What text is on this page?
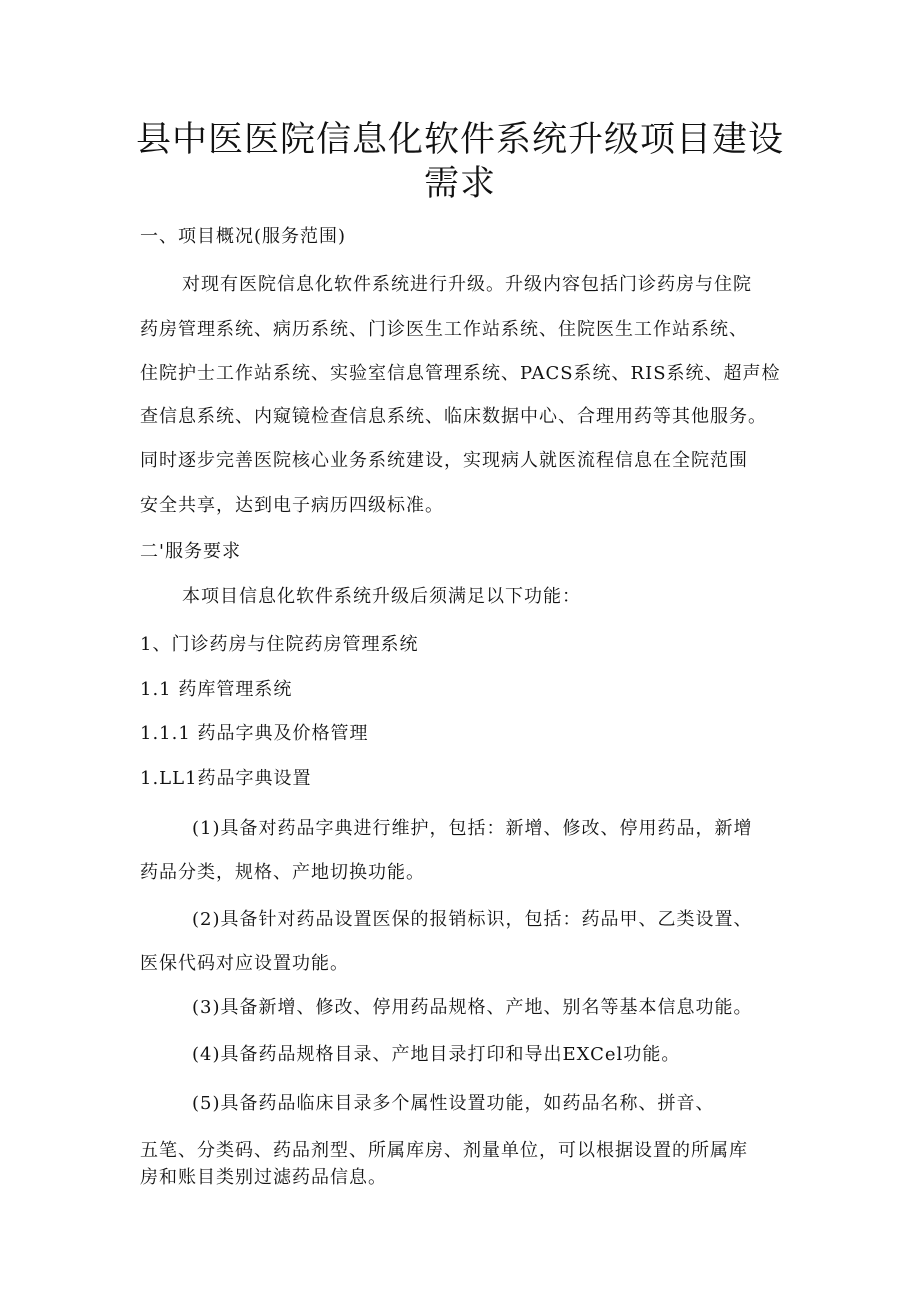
县中医医院信息化软件系统升级项目建设
需求

一、项目概况(服务范围)

对现有医院信息化软件系统进行升级。升级内容包括门诊药房与住院

药房管理系统、病历系统、门诊医生工作站系统、住院医生工作站系统、

住院护士工作站系统、实验室信息管理系统、PACS系统、RIS系统、超声检

查信息系统、内窥镜检查信息系统、临床数据中心、合理用药等其他服务。

同时逐步完善医院核心业务系统建设，实现病人就医流程信息在全院范围

安全共享，达到电子病历四级标准。

二'服务要求

本项目信息化软件系统升级后须满足以下功能：

1、门诊药房与住院药房管理系统

1.1 药库管理系统

1.1.1 药品字典及价格管理

1.LL1药品字典设置

(1)具备对药品字典进行维护，包括：新增、修改、停用药品，新增

药品分类，规格、产地切换功能。

(2)具备针对药品设置医保的报销标识，包括：药品甲、乙类设置、

医保代码对应设置功能。

(3)具备新增、修改、停用药品规格、产地、别名等基本信息功能。

(4)具备药品规格目录、产地目录打印和导出EXCel功能。

(5)具备药品临床目录多个属性设置功能，如药品名称、拼音、

五笔、分类码、药品剂型、所属库房、剂量单位，可以根据设置的所属库

房和账目类别过滤药品信息。
